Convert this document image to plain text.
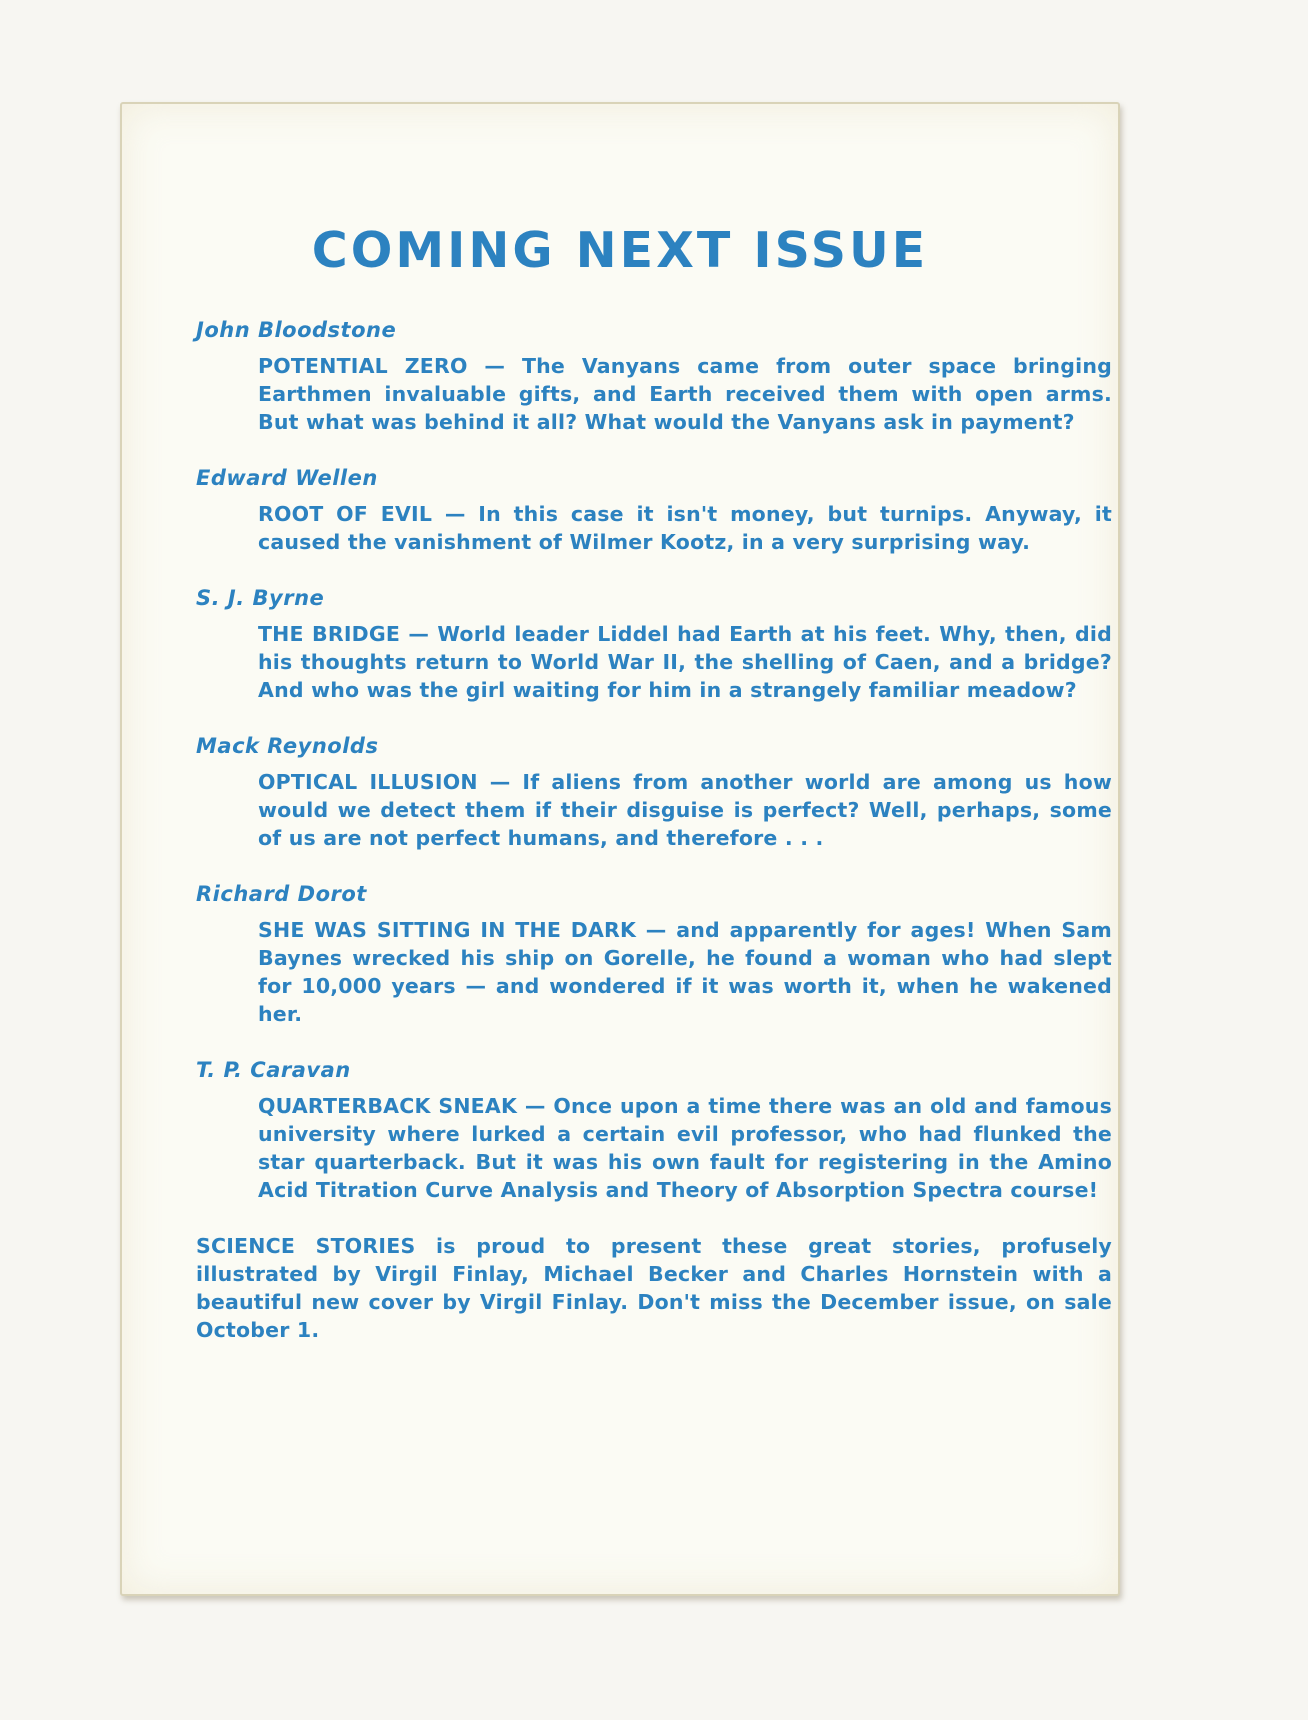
COMING NEXT ISSUE
John Bloodstone
POTENTIAL ZERO — The Vanyans came from outer space bringing Earthmen invaluable gifts, and Earth received them with open arms. But what was behind it all? What would the Vanyans ask in payment?
Edward Wellen
ROOT OF EVIL — In this case it isn't money, but turnips. Anyway, it caused the vanishment of Wilmer Kootz, in a very surprising way.
S. J. Byrne
THE BRIDGE — World leader Liddel had Earth at his feet. Why, then, did his thoughts return to World War II, the shelling of Caen, and a bridge? And who was the girl waiting for him in a strangely familiar meadow?
Mack Reynolds
OPTICAL ILLUSION — If aliens from another world are among us how would we detect them if their disguise is perfect? Well, perhaps, some of us are not perfect humans, and therefore . . .
Richard Dorot
SHE WAS SITTING IN THE DARK — and apparently for ages! When Sam Baynes wrecked his ship on Gorelle, he found a woman who had slept for 10,000 years — and wondered if it was worth it, when he wakened her.
T. P. Caravan
QUARTERBACK SNEAK — Once upon a time there was an old and famous university where lurked a certain evil professor, who had flunked the star quarterback. But it was his own fault for registering in the Amino Acid Titration Curve Analysis and Theory of Absorption Spectra course!

SCIENCE STORIES is proud to present these great stories, profusely illustrated by Virgil Finlay, Michael Becker and Charles Hornstein with a beautiful new cover by Virgil Finlay. Don't miss the December issue, on sale October 1.
